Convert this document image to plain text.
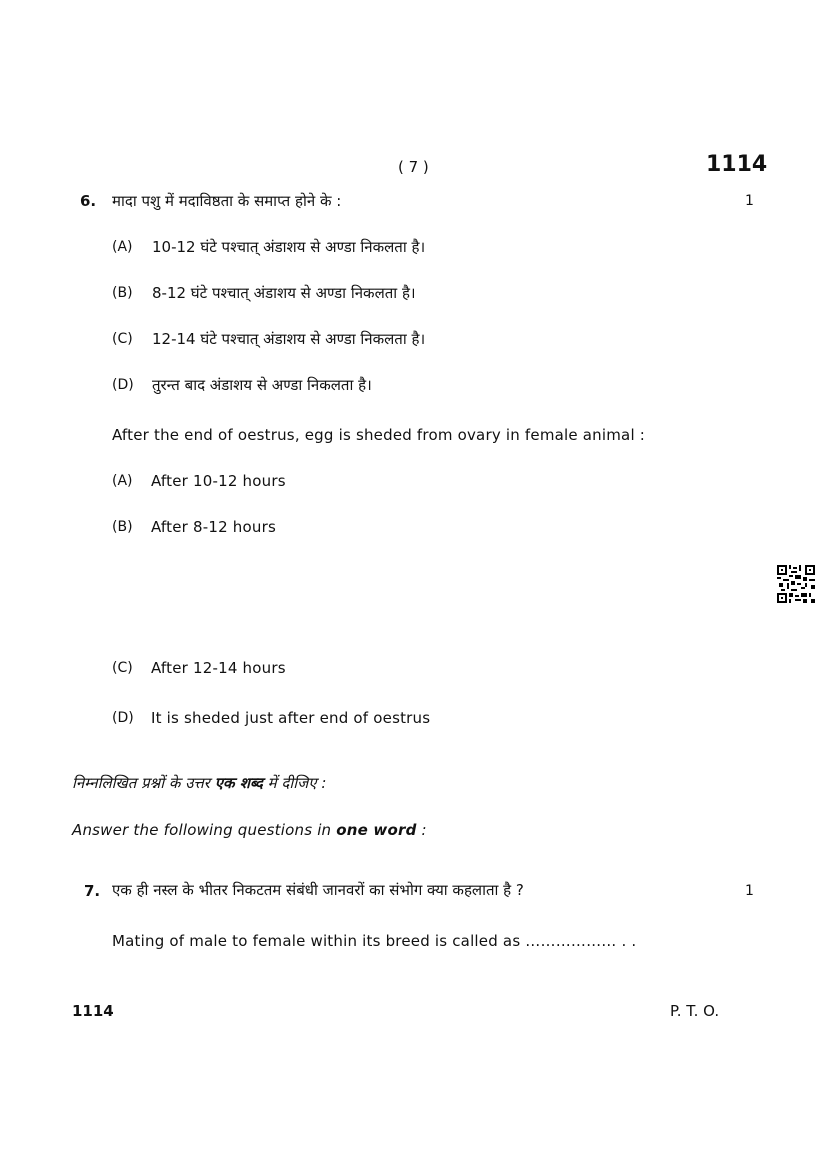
( 7 )	1114
6. मादा पशु में मदाविष्ठता के समाप्त होने के :	1
(A) 10-12 घंटे पश्चात् अंडाशय से अण्डा निकलता है।
(B) 8-12 घंटे पश्चात् अंडाशय से अण्डा निकलता है।
(C) 12-14 घंटे पश्चात् अंडाशय से अण्डा निकलता है।
(D) तुरन्त बाद अंडाशय से अण्डा निकलता है।
After the end of oestrus, egg is sheded from ovary in female animal :
(A) After 10-12 hours
(B) After 8-12 hours
(C) After 12-14 hours
(D) It is sheded just after end of oestrus
निम्नलिखित प्रश्नों के उत्तर एक शब्द में दीजिए :
Answer the following questions in one word :
7. एक ही नस्ल के भीतर निकटतम संबंधी जानवरों का संभोग क्या कहलाता है ?	1
Mating of male to female within its breed is called as ……………… . .
1114	P. T. O.
